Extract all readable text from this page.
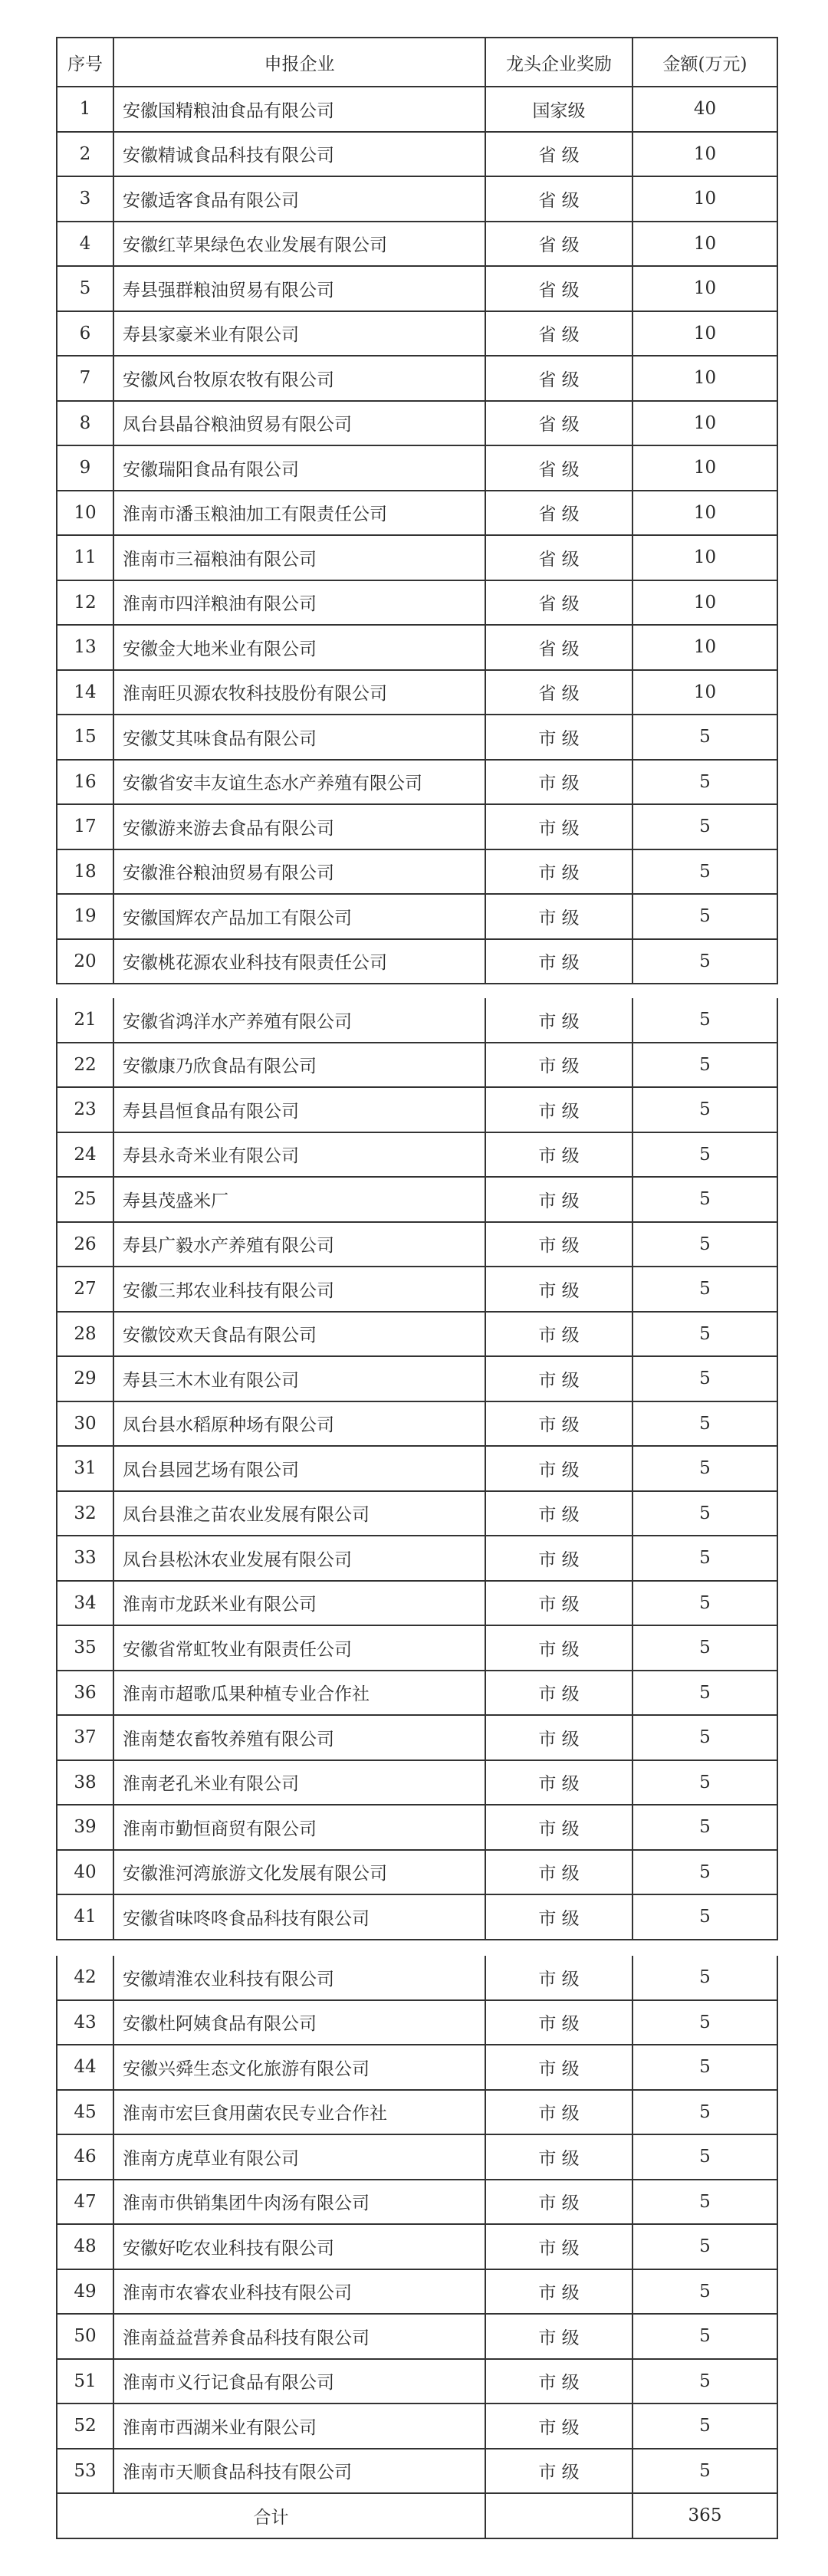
序号	申报企业	龙头企业奖励	金额(万元)
1	安徽国精粮油食品有限公司	国家级	40
2	安徽精诚食品科技有限公司	省 级	10
3	安徽适客食品有限公司	省 级	10
4	安徽红苹果绿色农业发展有限公司	省 级	10
5	寿县强群粮油贸易有限公司	省 级	10
6	寿县家豪米业有限公司	省 级	10
7	安徽风台牧原农牧有限公司	省 级	10
8	凤台县晶谷粮油贸易有限公司	省 级	10
9	安徽瑞阳食品有限公司	省 级	10
10	淮南市潘玉粮油加工有限责任公司	省 级	10
11	淮南市三福粮油有限公司	省 级	10
12	淮南市四洋粮油有限公司	省 级	10
13	安徽金大地米业有限公司	省 级	10
14	淮南旺贝源农牧科技股份有限公司	省 级	10
15	安徽艾其味食品有限公司	市 级	5
16	安徽省安丰友谊生态水产养殖有限公司	市 级	5
17	安徽游来游去食品有限公司	市 级	5
18	安徽淮谷粮油贸易有限公司	市 级	5
19	安徽国辉农产品加工有限公司	市 级	5
20	安徽桃花源农业科技有限责任公司	市 级	5
21	安徽省鸿洋水产养殖有限公司	市 级	5
22	安徽康乃欣食品有限公司	市 级	5
23	寿县昌恒食品有限公司	市 级	5
24	寿县永奇米业有限公司	市 级	5
25	寿县茂盛米厂	市 级	5
26	寿县广毅水产养殖有限公司	市 级	5
27	安徽三邦农业科技有限公司	市 级	5
28	安徽饺欢天食品有限公司	市 级	5
29	寿县三木木业有限公司	市 级	5
30	凤台县水稻原种场有限公司	市 级	5
31	凤台县园艺场有限公司	市 级	5
32	凤台县淮之苗农业发展有限公司	市 级	5
33	凤台县松沐农业发展有限公司	市 级	5
34	淮南市龙跃米业有限公司	市 级	5
35	安徽省常虹牧业有限责任公司	市 级	5
36	淮南市超歌瓜果种植专业合作社	市 级	5
37	淮南楚农畜牧养殖有限公司	市 级	5
38	淮南老孔米业有限公司	市 级	5
39	淮南市勤恒商贸有限公司	市 级	5
40	安徽淮河湾旅游文化发展有限公司	市 级	5
41	安徽省味咚咚食品科技有限公司	市 级	5
42	安徽靖淮农业科技有限公司	市 级	5
43	安徽杜阿姨食品有限公司	市 级	5
44	安徽兴舜生态文化旅游有限公司	市 级	5
45	淮南市宏巨食用菌农民专业合作社	市 级	5
46	淮南方虎草业有限公司	市 级	5
47	淮南市供销集团牛肉汤有限公司	市 级	5
48	安徽好吃农业科技有限公司	市 级	5
49	淮南市农睿农业科技有限公司	市 级	5
50	淮南益益营养食品科技有限公司	市 级	5
51	淮南市义行记食品有限公司	市 级	5
52	淮南市西湖米业有限公司	市 级	5
53	淮南市天顺食品科技有限公司	市 级	5
合计			365
